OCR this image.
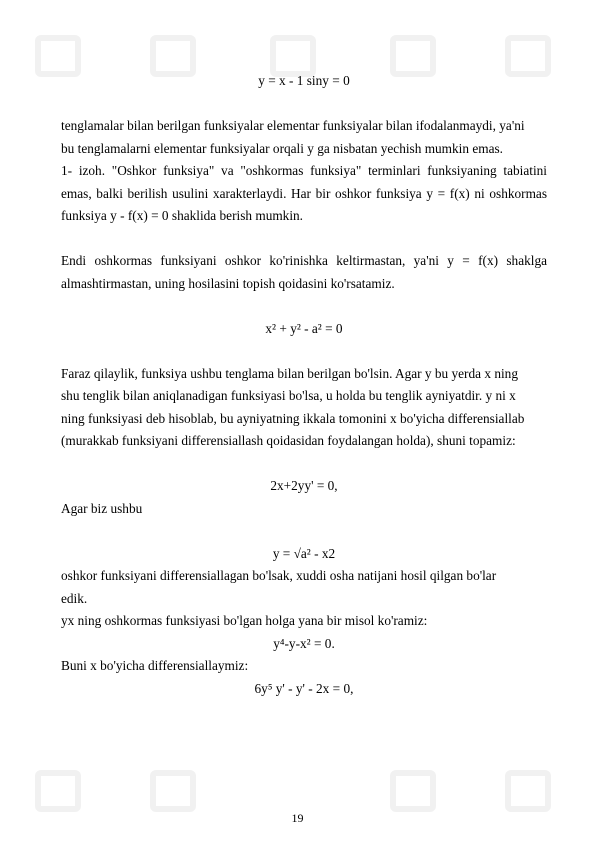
y = x - 1 siny = 0
tenglamalar bilan berilgan funksiyalar elementar funksiyalar bilan ifodalanmaydi, ya'ni
bu tenglamalarni elementar funksiyalar orqali y ga nisbatan yechish mumkin emas.
1- izoh. "Oshkor funksiya" va "oshkormas funksiya" terminlari funksiyaning tabiatini emas, balki berilish usulini xarakterlaydi. Har bir oshkor funksiya y = f(x) ni oshkormas funksiya y - f(x) = 0 shaklida berish mumkin.
Endi oshkormas funksiyani oshkor ko'rinishka keltirmastan, ya'ni y = f(x) shaklga almashtirmastan, uning hosilasini topish qoidasini ko'rsatamiz.
x² + y² - a² = 0
Faraz qilaylik, funksiya ushbu tenglama bilan berilgan bo'lsin. Agar y bu yerda x ning
shu tenglik bilan aniqlanadigan funksiyasi bo'lsa, u holda bu tenglik ayniyatdir. y ni x
ning funksiyasi deb hisoblab, bu ayniyatning ikkala tomonini x bo'yicha differensiallab
(murakkab funksiyani differensiallash qoidasidan foydalangan holda), shuni topamiz:
2x+2yy' = 0,
Agar biz ushbu
y = √a² - x2
oshkor funksiyani differensiallagan bo'lsak, xuddi osha natijani hosil qilgan bo'lar
edik.
yx ning oshkormas funksiyasi bo'lgan holga yana bir misol ko'ramiz:
y⁴-y-x² = 0.
Buni x bo'yicha differensiallaymiz:
6y⁵ y' - y' - 2x = 0,
19
